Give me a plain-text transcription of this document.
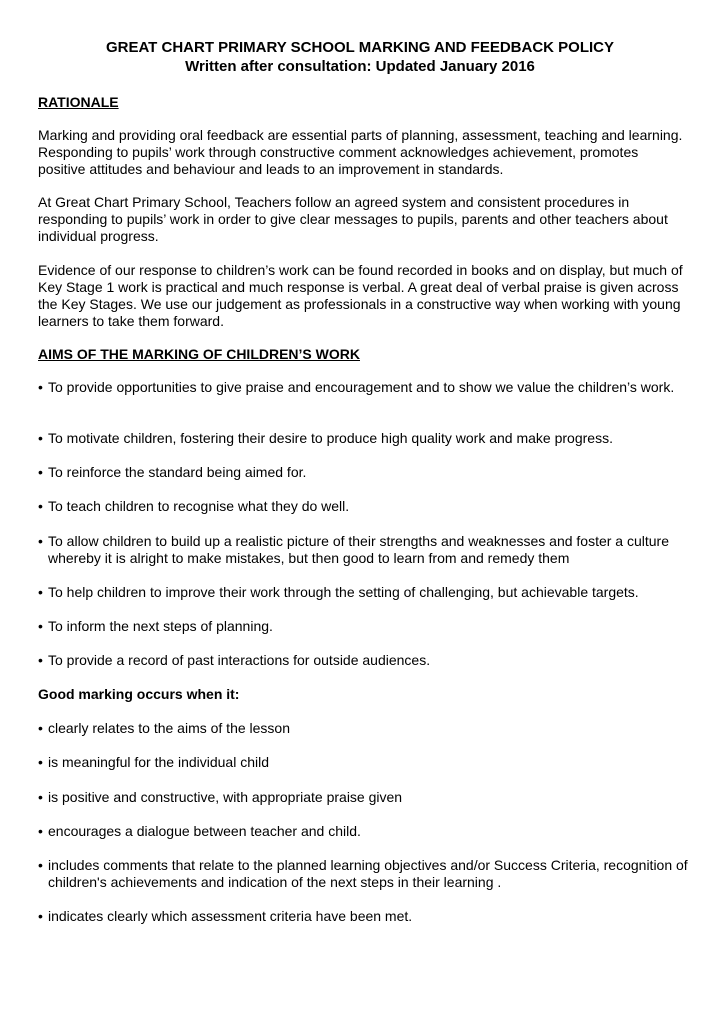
GREAT CHART PRIMARY SCHOOL MARKING AND FEEDBACK POLICY
Written after consultation: Updated January 2016
RATIONALE

Marking and providing oral feedback are essential parts of planning, assessment, teaching and learning. Responding to pupils’ work through constructive comment acknowledges achievement, promotes positive attitudes and behaviour and leads to an improvement in standards.

At Great Chart Primary School, Teachers follow an agreed system and consistent procedures in responding to pupils’ work in order to give clear messages to pupils, parents and other teachers about individual progress.

Evidence of our response to children’s work can be found recorded in books and on display, but much of Key Stage 1 work is practical and much response is verbal. A great deal of verbal praise is given across the Key Stages. We use our judgement as professionals in a constructive way when working with young learners to take them forward.

AIMS OF THE MARKING OF CHILDREN’S WORK
• To provide opportunities to give praise and encouragement and to show we value the children’s work.
• To motivate children, fostering their desire to produce high quality work and make progress.
• To reinforce the standard being aimed for.
• To teach children to recognise what they do well.
• To allow children to build up a realistic picture of their strengths and weaknesses and foster a culture whereby it is alright to make mistakes, but then good to learn from and remedy them
• To help children to improve their work through the setting of challenging, but achievable targets.
• To inform the next steps of planning.
• To provide a record of past interactions for outside audiences.
Good marking occurs when it:
• clearly relates to the aims of the lesson
• is meaningful for the individual child
• is positive and constructive, with appropriate praise given
• encourages a dialogue between teacher and child.
• includes comments that relate to the planned learning objectives and/or Success Criteria, recognition of children's achievements and indication of the next steps in their learning .
• indicates clearly which assessment criteria have been met.
